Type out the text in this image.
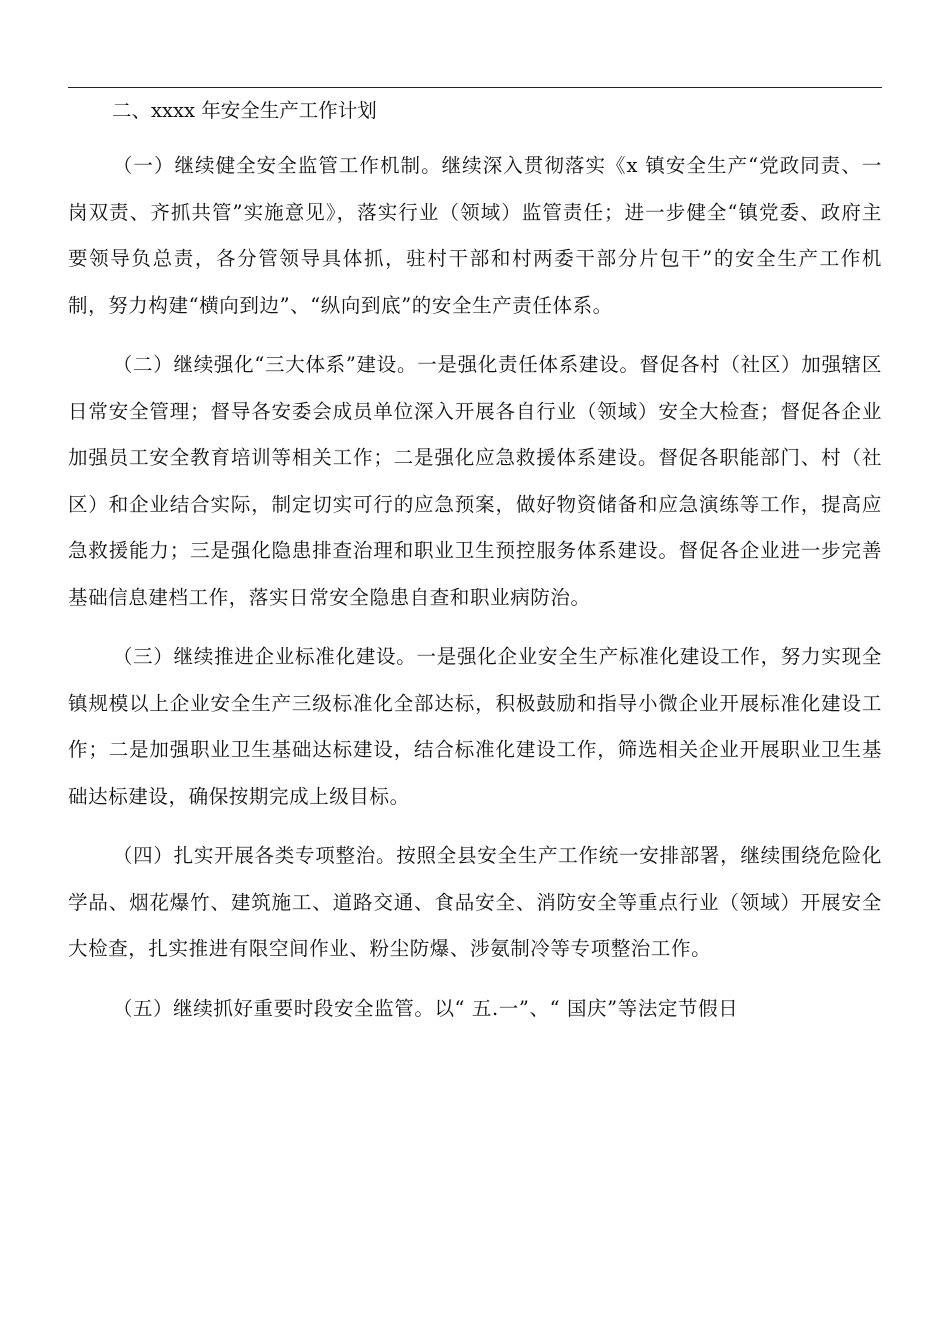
二、xxxx 年安全生产工作计划

（一）继续健全安全监管工作机制。继续深入贯彻落实《x 镇安全生产“党政同责、一岗双责、齐抓共管”实施意见》，落实行业（领域）监管责任；进一步健全“镇党委、政府主要领导负总责，各分管领导具体抓，驻村干部和村两委干部分片包干”的安全生产工作机制，努力构建“横向到边”、“纵向到底”的安全生产责任体系。

（二）继续强化“三大体系”建设。一是强化责任体系建设。督促各村（社区）加强辖区日常安全管理；督导各安委会成员单位深入开展各自行业（领域）安全大检查；督促各企业加强员工安全教育培训等相关工作；二是强化应急救援体系建设。督促各职能部门、村（社区）和企业结合实际，制定切实可行的应急预案，做好物资储备和应急演练等工作，提高应急救援能力；三是强化隐患排查治理和职业卫生预控服务体系建设。督促各企业进一步完善基础信息建档工作，落实日常安全隐患自查和职业病防治。

（三）继续推进企业标准化建设。一是强化企业安全生产标准化建设工作，努力实现全镇规模以上企业安全生产三级标准化全部达标，积极鼓励和指导小微企业开展标准化建设工作；二是加强职业卫生基础达标建设，结合标准化建设工作，筛选相关企业开展职业卫生基础达标建设，确保按期完成上级目标。

（四）扎实开展各类专项整治。按照全县安全生产工作统一安排部署，继续围绕危险化学品、烟花爆竹、建筑施工、道路交通、食品安全、消防安全等重点行业（领域）开展安全大检查，扎实推进有限空间作业、粉尘防爆、涉氨制冷等专项整治工作。

（五）继续抓好重要时段安全监管。以“ 五.一”、“ 国庆”等法定节假日
